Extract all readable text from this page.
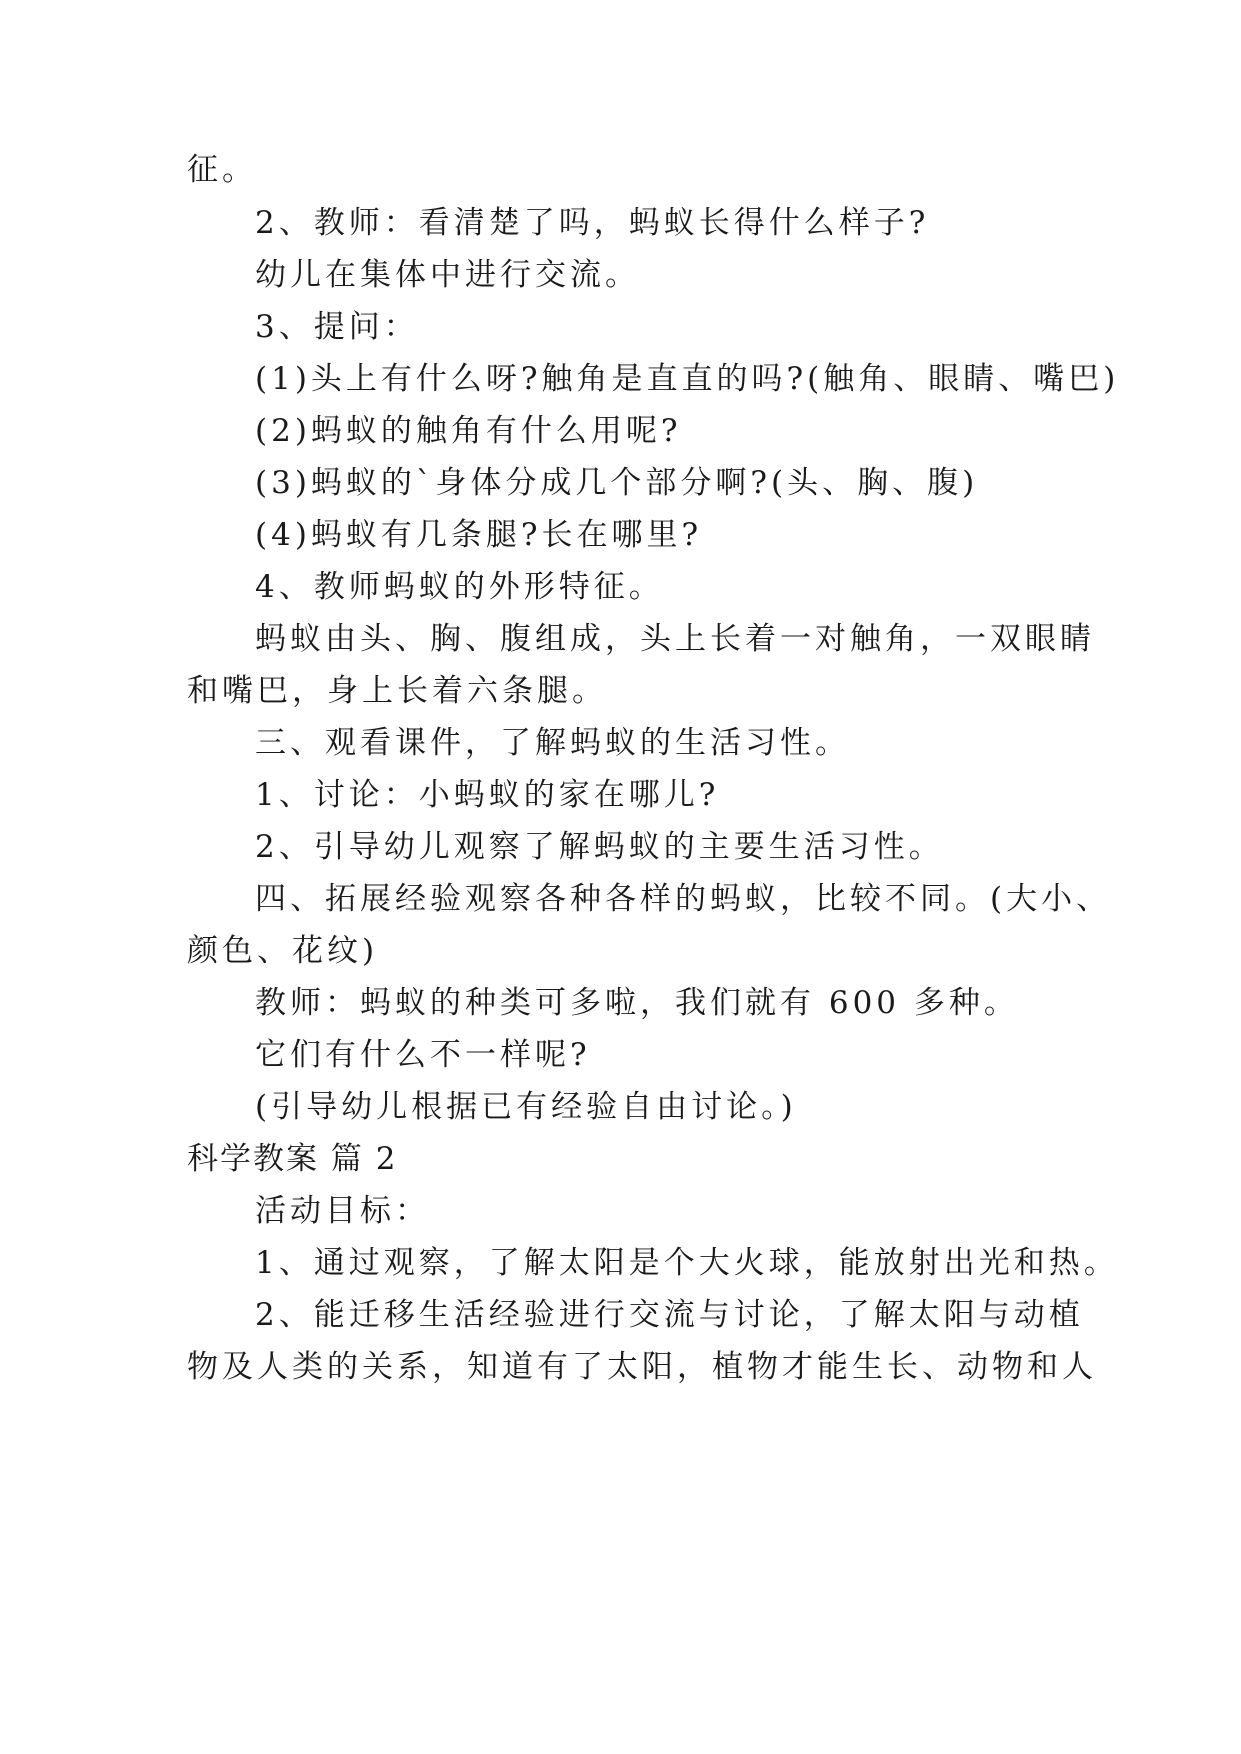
征。
2、教师：看清楚了吗，蚂蚁长得什么样子?
幼儿在集体中进行交流。
3、提问：
(1)头上有什么呀?触角是直直的吗?(触角、眼睛、嘴巴)
(2)蚂蚁的触角有什么用呢?
(3)蚂蚁的`身体分成几个部分啊?(头、胸、腹)
(4)蚂蚁有几条腿?长在哪里?
4、教师蚂蚁的外形特征。
蚂蚁由头、胸、腹组成，头上长着一对触角，一双眼睛
和嘴巴，身上长着六条腿。
三、观看课件，了解蚂蚁的生活习性。
1、讨论：小蚂蚁的家在哪儿?
2、引导幼儿观察了解蚂蚁的主要生活习性。
四、拓展经验观察各种各样的蚂蚁，比较不同。(大小、
颜色、花纹)
教师：蚂蚁的种类可多啦，我们就有 600 多种。
它们有什么不一样呢?
(引导幼儿根据已有经验自由讨论。)
科学教案 篇 2
活动目标：
1、通过观察，了解太阳是个大火球，能放射出光和热。
2、能迁移生活经验进行交流与讨论，了解太阳与动植
物及人类的关系，知道有了太阳，植物才能生长、动物和人
